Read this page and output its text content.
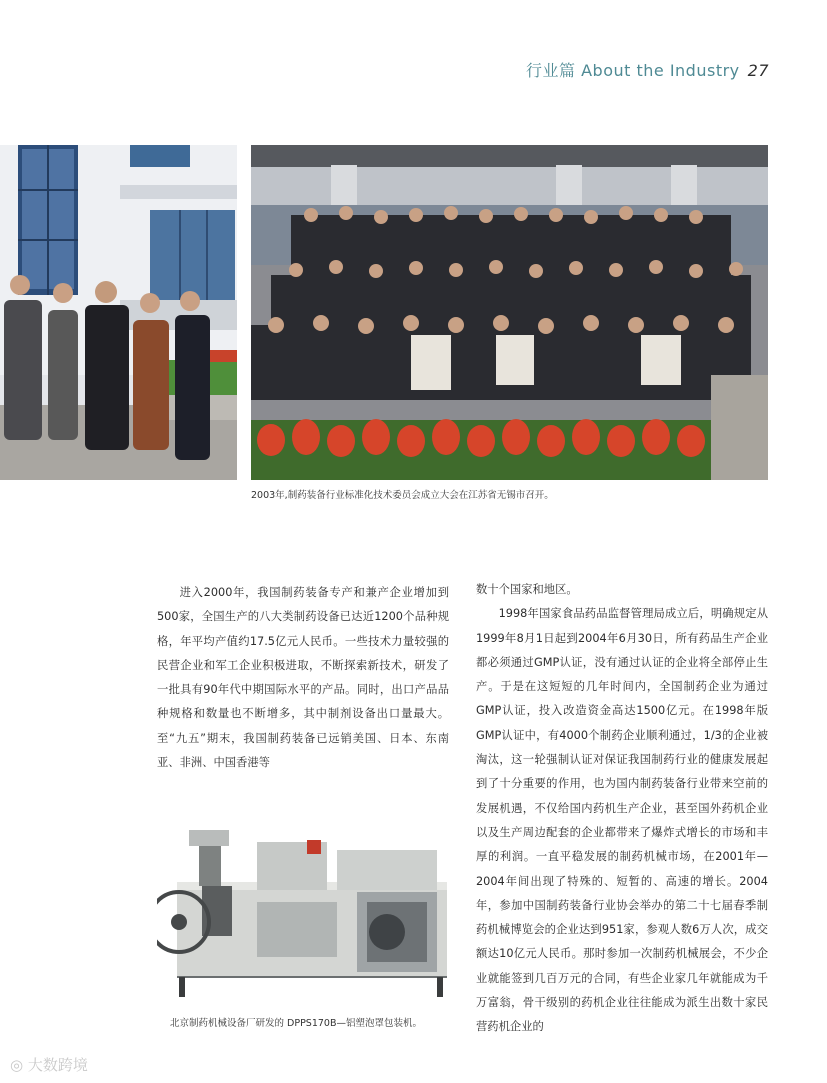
行业篇 About the Industry 27
2003年,制药装备行业标准化技术委员会成立大会在江苏省无锡市召开。

进入2000年，我国制药装备专产和兼产企业增加到500家，全国生产的八大类制药设备已达近1200个品种规格，年平均产值约17.5亿元人民币。一些技术力量较强的民营企业和军工企业积极进取，不断探索新技术，研发了一批具有90年代中期国际水平的产品。同时，出口产品品种规格和数量也不断增多，其中制剂设备出口量最大。至“九五”期末，我国制药装备已远销美国、日本、东南亚、非洲、中国香港等

数十个国家和地区。

1998年国家食品药品监督管理局成立后，明确规定从1999年8月1日起到2004年6月30日，所有药品生产企业都必须通过GMP认证，没有通过认证的企业将全部停止生产。于是在这短短的几年时间内，全国制药企业为通过GMP认证，投入改造资金高达1500亿元。在1998年版GMP认证中，有4000个制药企业顺利通过，1/3的企业被淘汰，这一轮强制认证对保证我国制药行业的健康发展起到了十分重要的作用，也为国内制药装备行业带来空前的发展机遇，不仅给国内药机生产企业，甚至国外药机企业以及生产周边配套的企业都带来了爆炸式增长的市场和丰厚的利润。一直平稳发展的制药机械市场，在2001年—2004年间出现了特殊的、短暂的、高速的增长。2004年，参加中国制药装备行业协会举办的第二十七届春季制药机械博览会的企业达到951家，参观人数6万人次，成交额达10亿元人民币。那时参加一次制药机械展会，不少企业就能签到几百万元的合同，有些企业家几年就能成为千万富翁，骨干级别的药机企业往往能成为派生出数十家民营药机企业的

北京制药机械设备厂研发的 DPPS170B—铝塑泡罩包装机。
◎ 大数跨境
